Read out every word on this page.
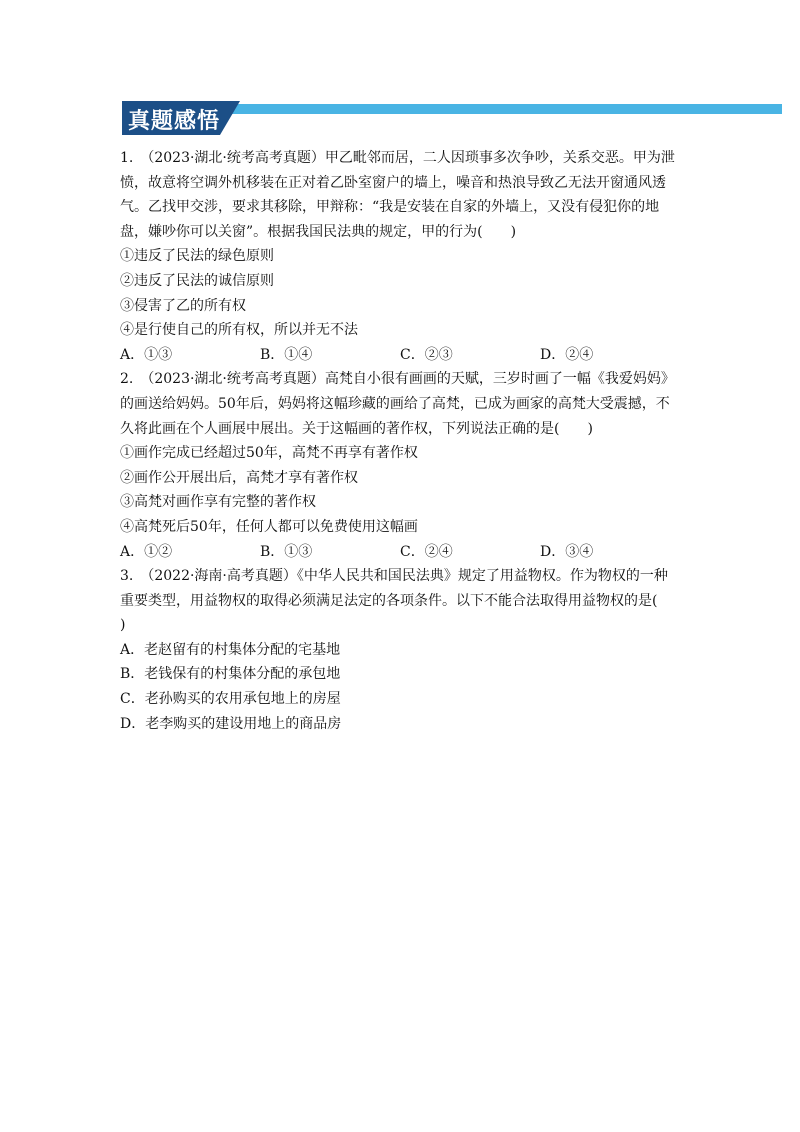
真题感悟

1.　（2023·湖北·统考高考真题）甲乙毗邻而居，二人因琐事多次争吵，关系交恶。甲为泄
愤，故意将空调外机移装在正对着乙卧室窗户的墙上，噪音和热浪导致乙无法开窗通风透
气。乙找甲交涉，要求其移除，甲辩称：“我是安装在自家的外墙上，又没有侵犯你的地
盘，嫌吵你可以关窗”。根据我国民法典的规定，甲的行为(　　)

①违反了民法的绿色原则

②违反了民法的诚信原则

③侵害了乙的所有权

④是行使自己的所有权，所以并无不法

A．①③	B．①④	C．②③	D．②④

2.　（2023·湖北·统考高考真题）高梵自小很有画画的天赋，三岁时画了一幅《我爱妈妈》
的画送给妈妈。50年后，妈妈将这幅珍藏的画给了高梵，已成为画家的高梵大受震撼，不
久将此画在个人画展中展出。关于这幅画的著作权，下列说法正确的是(　　)

①画作完成已经超过50年，高梵不再享有著作权

②画作公开展出后，高梵才享有著作权

③高梵对画作享有完整的著作权

④高梵死后50年，任何人都可以免费使用这幅画

A．①②	B．①③	C．②④	D．③④

3.　（2022·海南·高考真题）《中华人民共和国民法典》规定了用益物权。作为物权的一种
重要类型，用益物权的取得必须满足法定的各项条件。以下不能合法取得用益物权的是(
)

A．老赵留有的村集体分配的宅基地

B．老钱保有的村集体分配的承包地

C．老孙购买的农用承包地上的房屋

D．老李购买的建设用地上的商品房
